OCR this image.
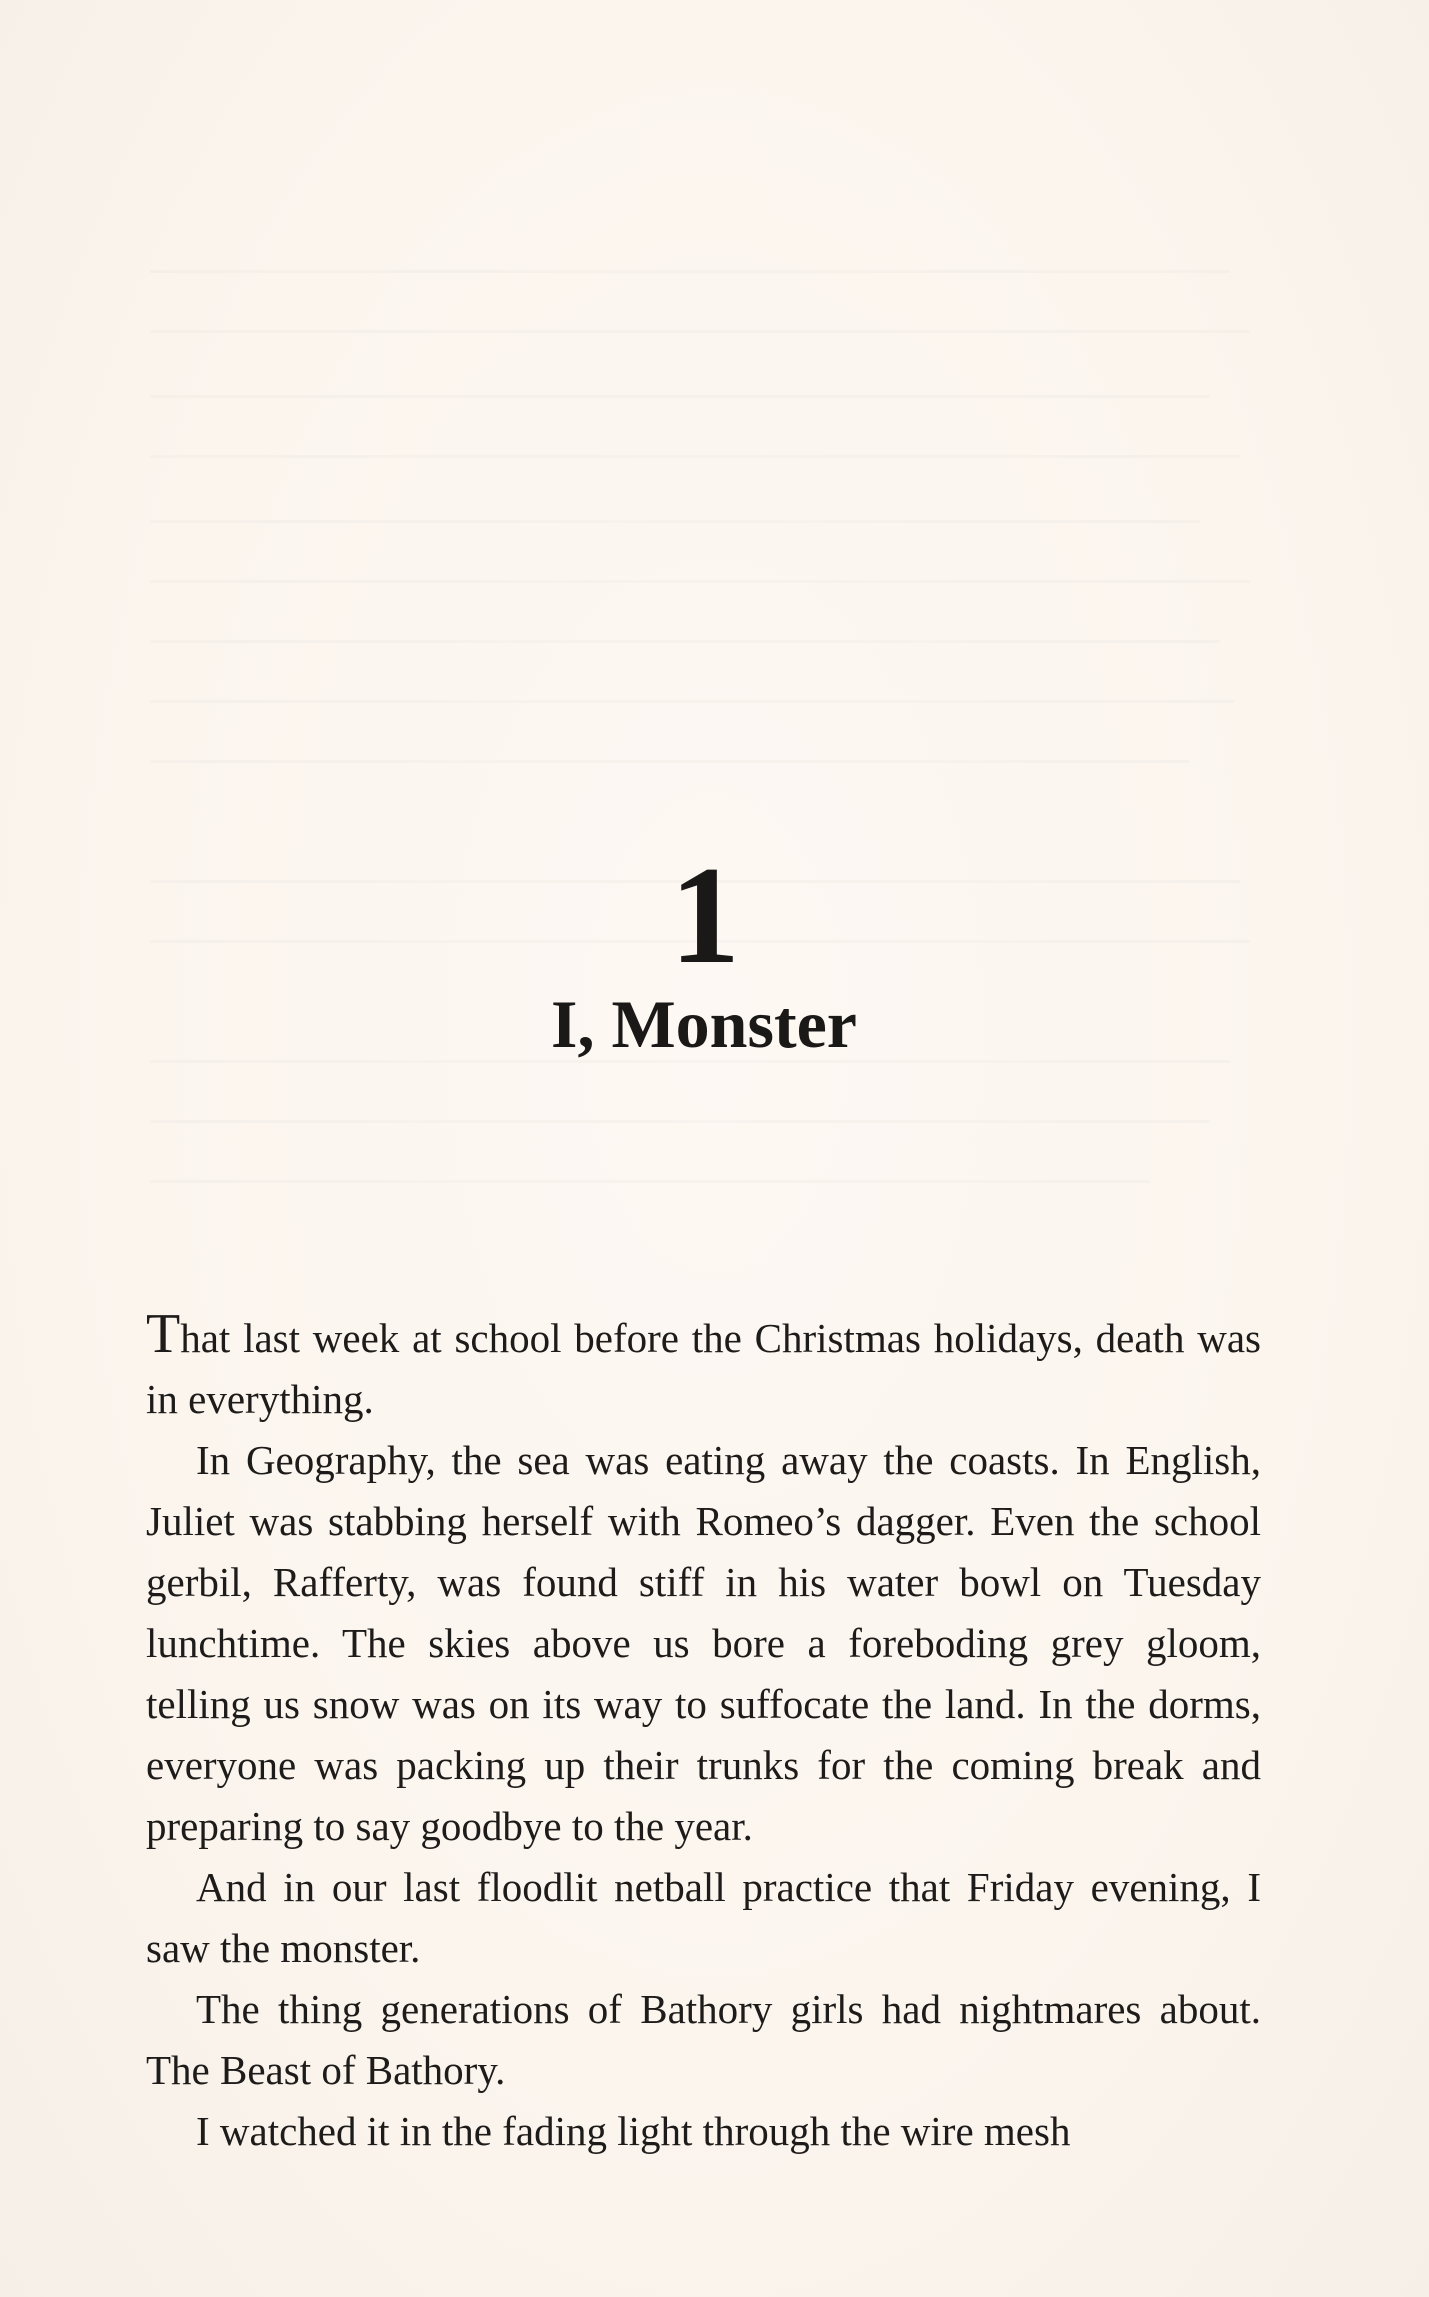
1
I, Monster

That last week at school before the Christmas holidays, death was in everything.

In Geography, the sea was eating away the coasts. In English, Juliet was stabbing herself with Romeo’s dagger. Even the school gerbil, Rafferty, was found stiff in his water bowl on Tuesday lunchtime. The skies above us bore a foreboding grey gloom, telling us snow was on its way to suffocate the land. In the dorms, everyone was packing up their trunks for the coming break and preparing to say goodbye to the year.

And in our last floodlit netball practice that Friday evening, I saw the monster.

The thing generations of Bathory girls had nightmares about. The Beast of Bathory.

I watched it in the fading light through the wire mesh
